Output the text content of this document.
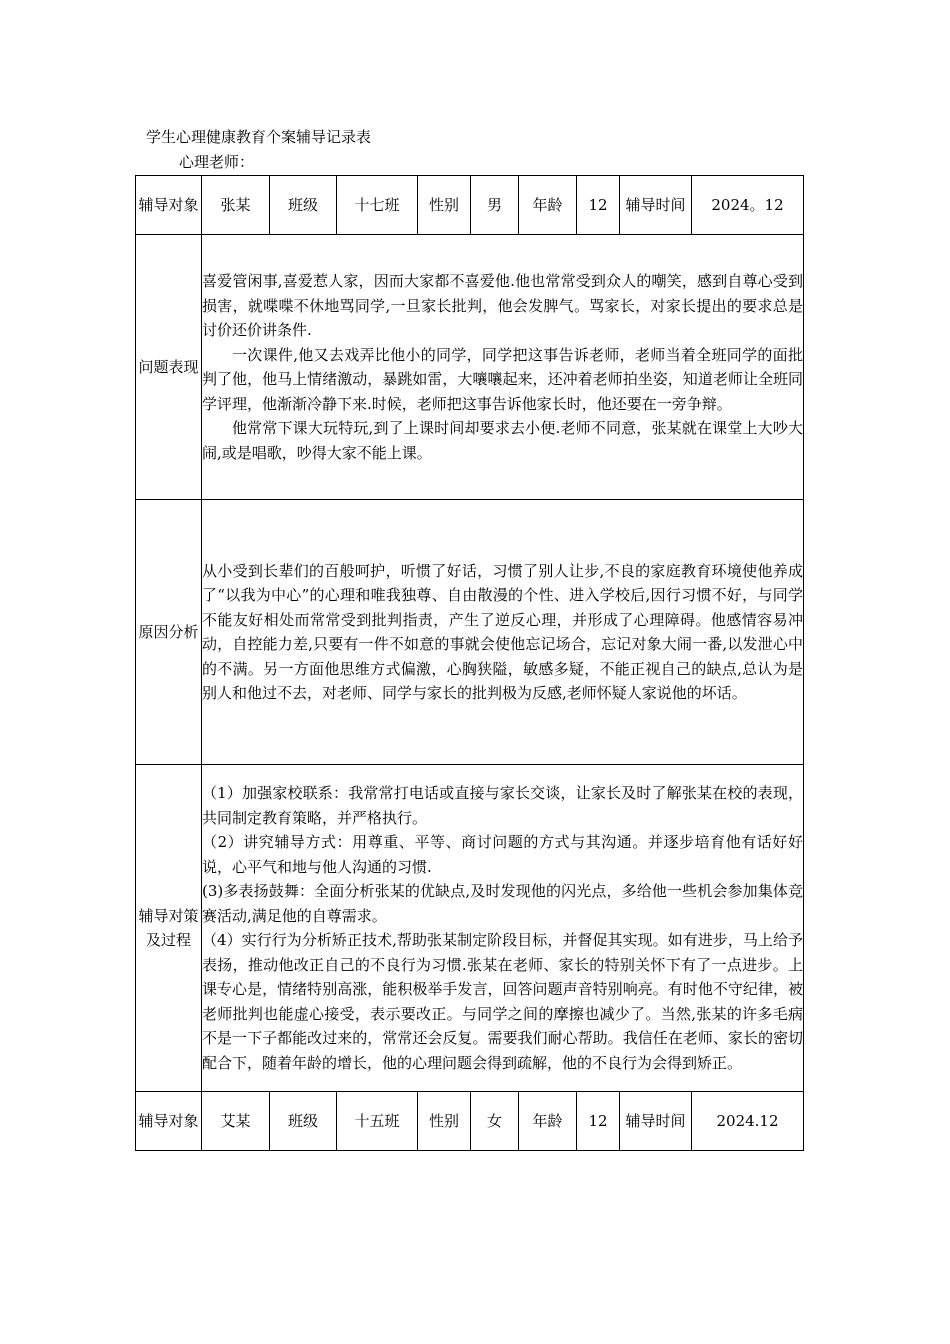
学生心理健康教育个案辅导记录表
心理老师：
辅导对象	张某	班级	十七班	性别	男	年龄	12	辅导时间	2024。12
问题表现	喜爱管闲事,喜爱惹人家，因而大家都不喜爱他.他也常常受到众人的嘲笑，感到自尊心受到损害，就喋喋不休地骂同学,一旦家长批判，他会发脾气。骂家长，对家长提出的要求总是讨价还价讲条件.

一次课件,他又去戏弄比他小的同学，同学把这事告诉老师，老师当着全班同学的面批判了他，他马上情绪激动，暴跳如雷，大嚷嚷起来，还冲着老师拍坐姿，知道老师让全班同学评理，他渐渐冷静下来.时候，老师把这事告诉他家长时，他还要在一旁争辩。

他常常下课大玩特玩,到了上课时间却要求去小便.老师不同意，张某就在课堂上大吵大闹,或是唱歌，吵得大家不能上课。								

原因分析	从小受到长辈们的百般呵护，听惯了好话，习惯了别人让步,不良的家庭教育环境使他养成了“以我为中心”的心理和唯我独尊、自由散漫的个性、进入学校后,因行习惯不好，与同学不能友好相处而常常受到批判指责，产生了逆反心理，并形成了心理障碍。他感情容易冲动，自控能力差,只要有一件不如意的事就会使他忘记场合，忘记对象大闹一番,以发泄心中的不满。另一方面他思维方式偏激，心胸狭隘，敏感多疑，不能正视自己的缺点,总认为是别人和他过不去，对老师、同学与家长的批判极为反感,老师怀疑人家说他的坏话。								

辅导对策及过程	（1）加强家校联系：我常常打电话或直接与家长交谈，让家长及时了解张某在校的表现，共同制定教育策略，并严格执行。

（2）讲究辅导方式：用尊重、平等、商讨问题的方式与其沟通。并逐步培育他有话好好说，心平气和地与他人沟通的习惯.

(3)多表扬鼓舞：全面分析张某的优缺点,及时发现他的闪光点，多给他一些机会参加集体竞赛活动,满足他的自尊需求。

（4）实行行为分析矫正技术,帮助张某制定阶段目标，并督促其实现。如有进步，马上给予表扬，推动他改正自己的不良行为习惯.张某在老师、家长的特别关怀下有了一点进步。上课专心是，情绪特别高涨，能积极举手发言，回答问题声音特别响亮。有时他不守纪律，被老师批判也能虚心接受，表示要改正。与同学之间的摩擦也减少了。当然,张某的许多毛病不是一下子都能改过来的，常常还会反复。需要我们耐心帮助。我信任在老师、家长的密切配合下，随着年龄的增长，他的心理问题会得到疏解，他的不良行为会得到矫正。								

辅导对象	艾某	班级	十五班	性别	女	年龄	12	辅导时间	2024.12
